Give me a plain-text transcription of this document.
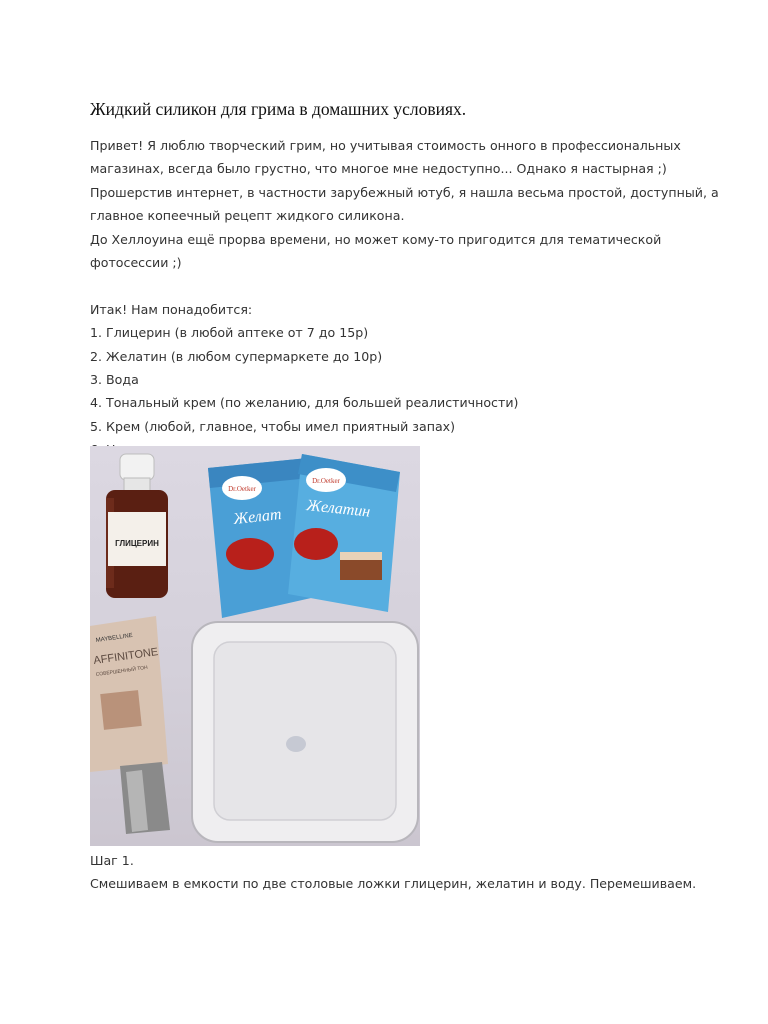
Жидкий силикон для грима в домашних условиях.

Привет! Я люблю творческий грим, но учитывая стоимость онного в профессиональных

магазинах, всегда было грустно, что многое мне недоступно... Однако я настырная ;)

Прошерстив интернет, в частности зарубежный ютуб, я нашла весьма простой, доступный, а

главное копеечный рецепт жидкого силикона.

До Хеллоуина ещё прорва времени, но может кому-то пригодится для тематической

фотосессии ;)

Итак! Нам понадобится:

1. Глицерин (в любой аптеке от 7 до 15р)

2. Желатин (в любом супермаркете до 10р)

3. Вода

4. Тональный крем (по желанию, для большей реалистичности)

5. Крем (любой, главное, чтобы имел приятный запах)

ГЛИЦЕРИН
Dr.Oetker
Желат
Dr.Oetker
Желатин
MAYBELLINE
AFFINITONE
СОВЕРШЕННЫЙ ТОН

Шаг 1.

Смешиваем в емкости по две столовые ложки глицерин, желатин и воду. Перемешиваем.
